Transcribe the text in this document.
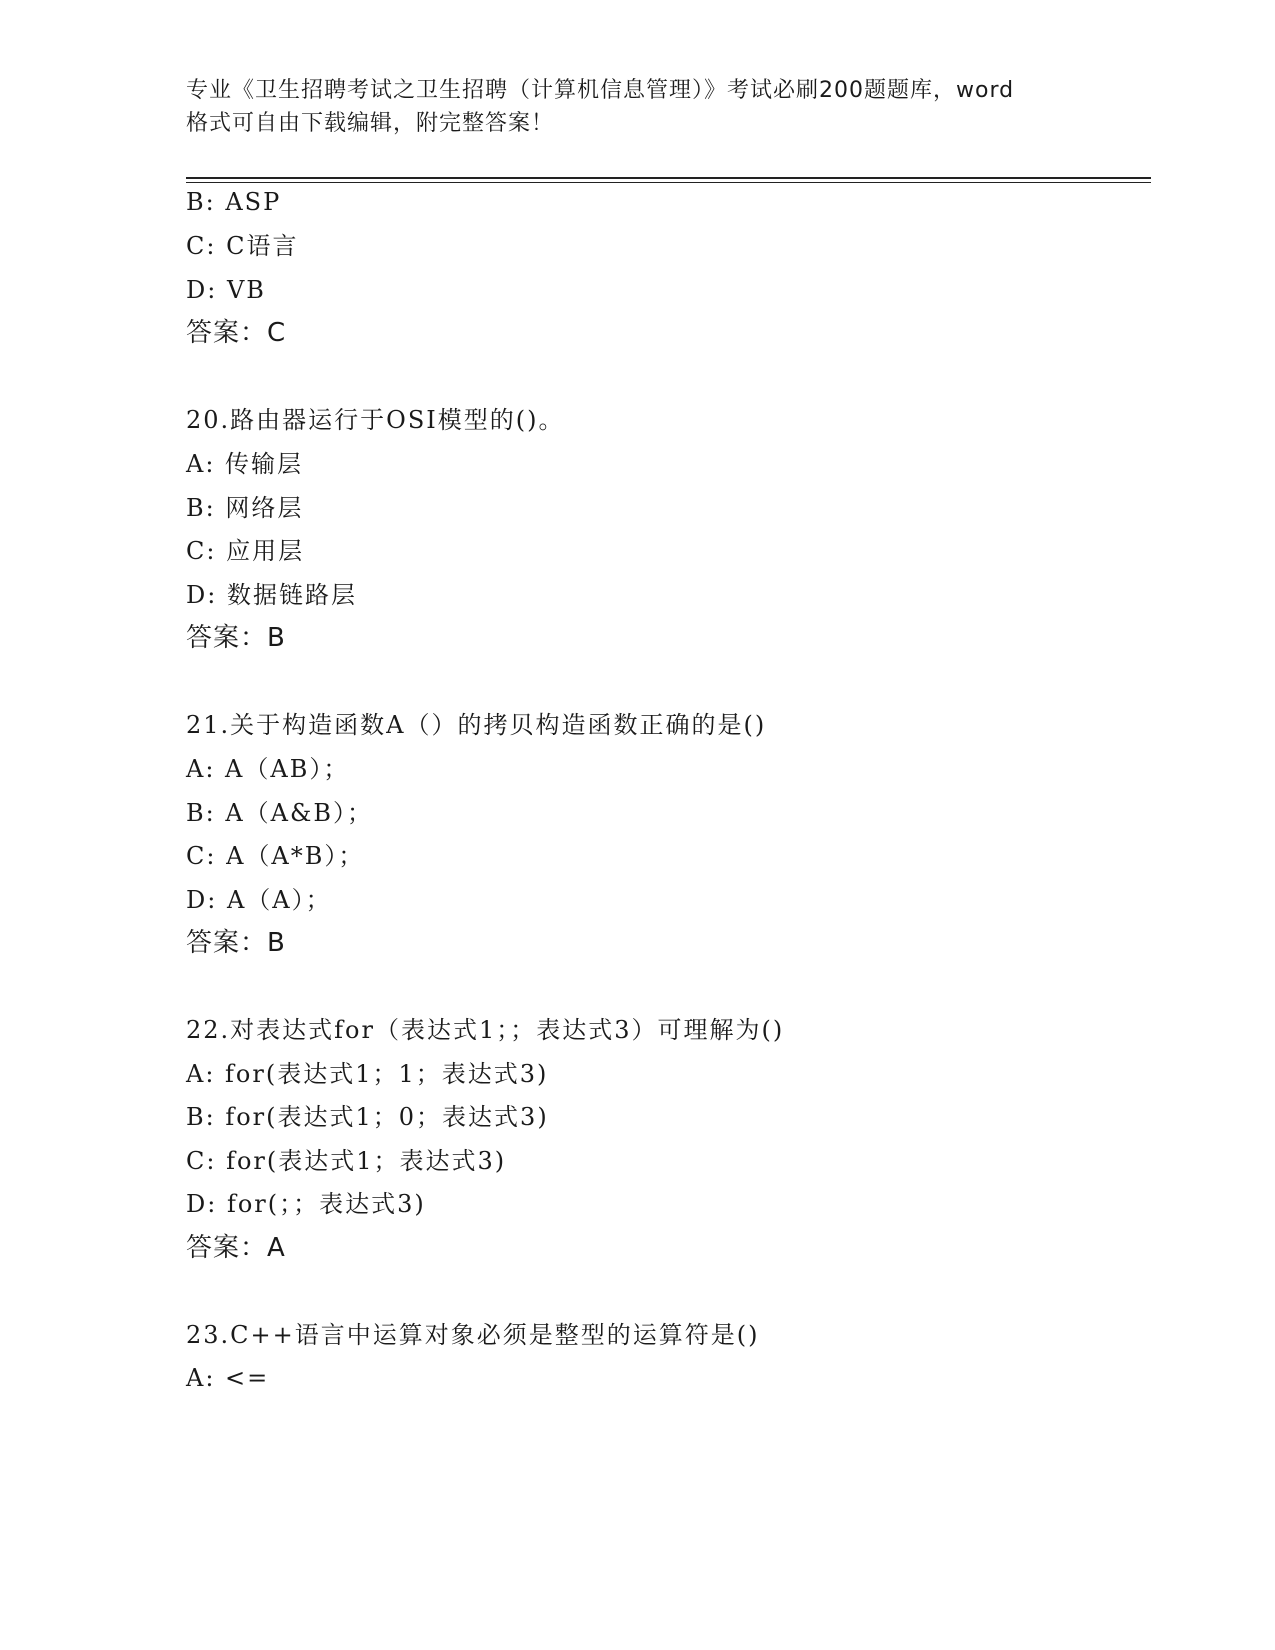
专业《卫生招聘考试之卫生招聘（计算机信息管理）》考试必刷200题题库，word
格式可自由下载编辑，附完整答案！
B: ASP
C: C语言
D: VB
答案：C
20.路由器运行于OSI模型的()。
A: 传输层
B: 网络层
C: 应用层
D: 数据链路层
答案：B
21.关于构造函数A（）的拷贝构造函数正确的是()
A: A（AB）；
B: A（A&B）；
C: A（A*B）；
D: A（A）；
答案：B
22.对表达式for（表达式1；；表达式3）可理解为()
A: for(表达式1；1；表达式3)
B: for(表达式1；0；表达式3)
C: for(表达式1；表达式3)
D: for(；；表达式3)
答案：A
23.C++语言中运算对象必须是整型的运算符是()
A: <=
